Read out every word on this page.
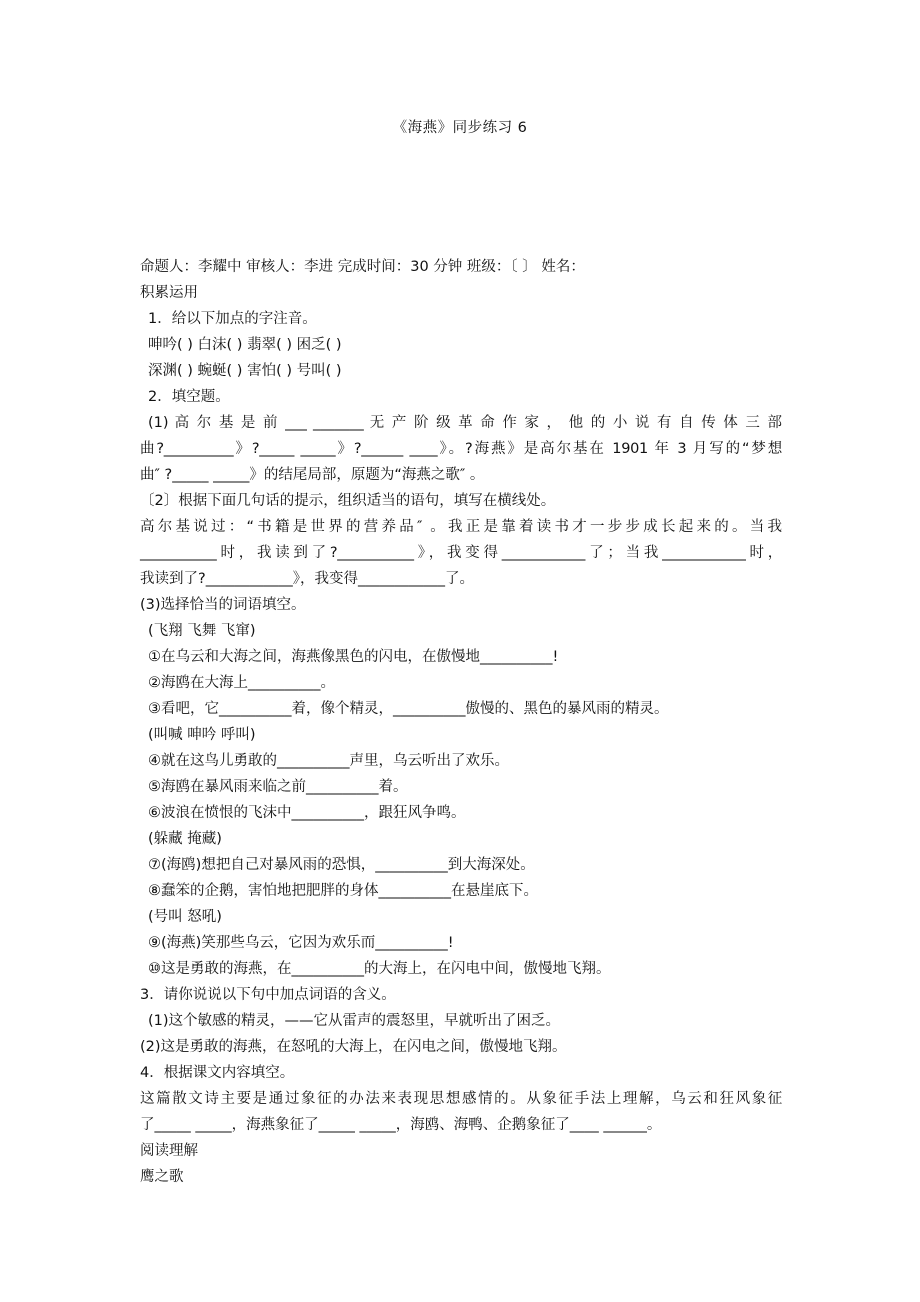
《海燕》同步练习 6
命题人：李耀中 审核人：李进 完成时间：30 分钟 班级：〔 〕 姓名：
积累运用
1．给以下加点的字注音。
呻吟( ) 白沫( ) 翡翠( ) 困乏( )
深渊( ) 蜿蜒( ) 害怕( ) 号叫( )
2．填空题。
(1) 高 尔 基 是 前 ___ _______ 无 产 阶 级 革 命 作 家 ， 他 的 小 说 有 自 传 体 三 部
曲?__________》?_____ _____》?______ ____》。?海燕》是高尔基在 1901 年 3 月写的“梦想
曲″ ?_____ _____》的结尾局部，原题为“海燕之歌″ 。
〔2〕根据下面几句话的提示，组织适当的语句，填写在横线处。
高尔基说过：“书籍是世界的营养品″ 。我正是靠着读书才一步步成长起来的。当我
___________时，我读到了?___________》，我变得____________了；当我____________时，
我读到了?____________》，我变得____________了。
(3)选择恰当的词语填空。
(飞翔 飞舞 飞窜)
①在乌云和大海之间，海燕像黑色的闪电，在傲慢地__________!
②海鸥在大海上__________。
③看吧，它__________着，像个精灵，__________傲慢的、黑色的暴风雨的精灵。
(叫喊 呻吟 呼叫)
④就在这鸟儿勇敢的__________声里，乌云听出了欢乐。
⑤海鸥在暴风雨来临之前__________着。
⑥波浪在愤恨的飞沫中__________，跟狂风争鸣。
(躲藏 掩藏)
⑦(海鸥)想把自己对暴风雨的恐惧，__________到大海深处。
⑧蠢笨的企鹅，害怕地把肥胖的身体__________在悬崖底下。
(号叫 怒吼)
⑨(海燕)笑那些乌云，它因为欢乐而__________!
⑩这是勇敢的海燕，在__________的大海上，在闪电中间，傲慢地飞翔。
3．请你说说以下句中加点词语的含义。
(1)这个敏感的精灵，——它从雷声的震怒里，早就听出了困乏。
(2)这是勇敢的海燕，在怒吼的大海上，在闪电之间，傲慢地飞翔。
4．根据课文内容填空。
这篇散文诗主要是通过象征的办法来表现思想感情的。从象征手法上理解，乌云和狂风象征
了_____ _____，海燕象征了_____ _____，海鸥、海鸭、企鹅象征了____ ______。
阅读理解
鹰之歌
